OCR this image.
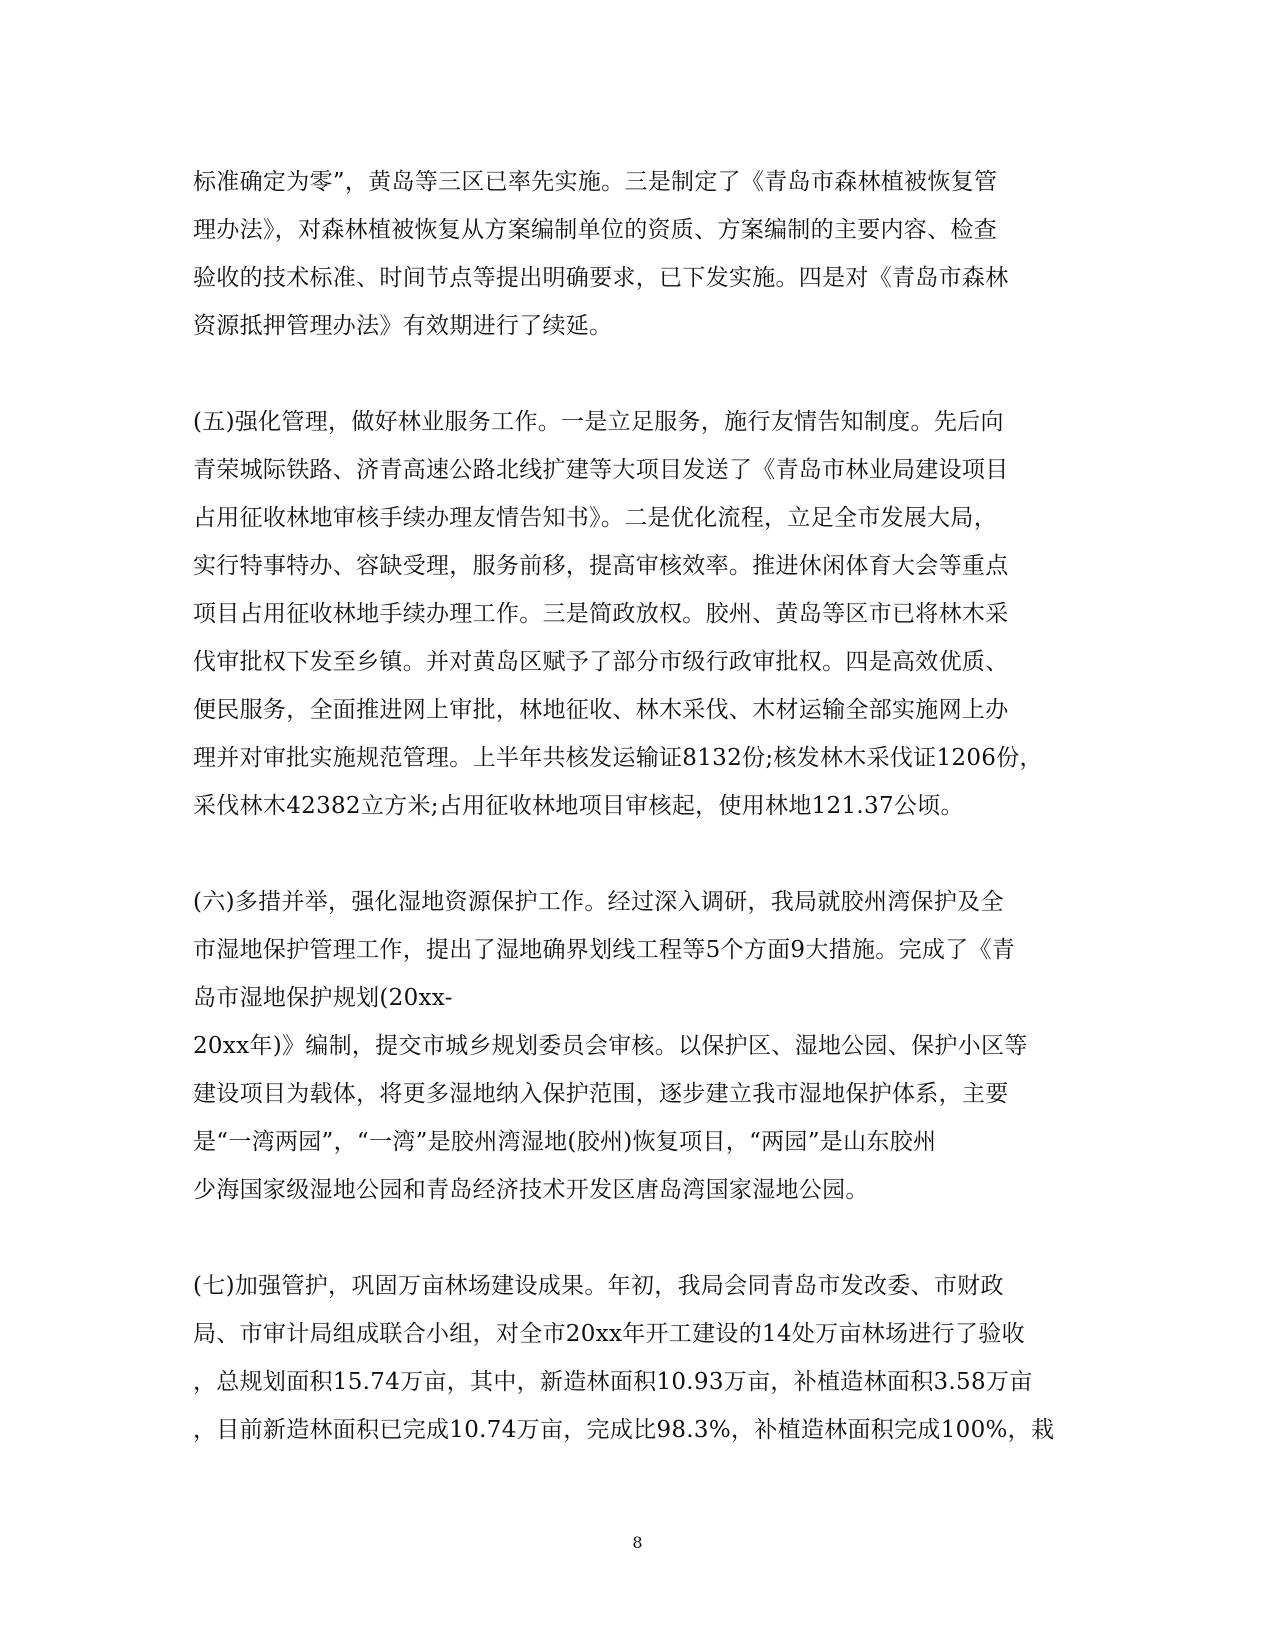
标准确定为零”，黄岛等三区已率先实施。三是制定了《青岛市森林植被恢复管
理办法》，对森林植被恢复从方案编制单位的资质、方案编制的主要内容、检查
验收的技术标准、时间节点等提出明确要求，已下发实施。四是对《青岛市森林
资源抵押管理办法》有效期进行了续延。
(五)强化管理，做好林业服务工作。一是立足服务，施行友情告知制度。先后向
青荣城际铁路、济青高速公路北线扩建等大项目发送了《青岛市林业局建设项目
占用征收林地审核手续办理友情告知书》。二是优化流程，立足全市发展大局，
实行特事特办、容缺受理，服务前移，提高审核效率。推进休闲体育大会等重点
项目占用征收林地手续办理工作。三是简政放权。胶州、黄岛等区市已将林木采
伐审批权下发至乡镇。并对黄岛区赋予了部分市级行政审批权。四是高效优质、
便民服务，全面推进网上审批，林地征收、林木采伐、木材运输全部实施网上办
理并对审批实施规范管理。上半年共核发运输证8132份;核发林木采伐证1206份，
采伐林木42382立方米;占用征收林地项目审核起，使用林地121.37公顷。
(六)多措并举，强化湿地资源保护工作。经过深入调研，我局就胶州湾保护及全
市湿地保护管理工作，提出了湿地确界划线工程等5个方面9大措施。完成了《青
岛市湿地保护规划(20xx-
20xx年)》编制，提交市城乡规划委员会审核。以保护区、湿地公园、保护小区等
建设项目为载体，将更多湿地纳入保护范围，逐步建立我市湿地保护体系，主要
是“一湾两园”，“一湾”是胶州湾湿地(胶州)恢复项目，“两园”是山东胶州
少海国家级湿地公园和青岛经济技术开发区唐岛湾国家湿地公园。
(七)加强管护，巩固万亩林场建设成果。年初，我局会同青岛市发改委、市财政
局、市审计局组成联合小组，对全市20xx年开工建设的14处万亩林场进行了验收
，总规划面积15.74万亩，其中，新造林面积10.93万亩，补植造林面积3.58万亩
，目前新造林面积已完成10.74万亩，完成比98.3%，补植造林面积完成100%，栽
8
